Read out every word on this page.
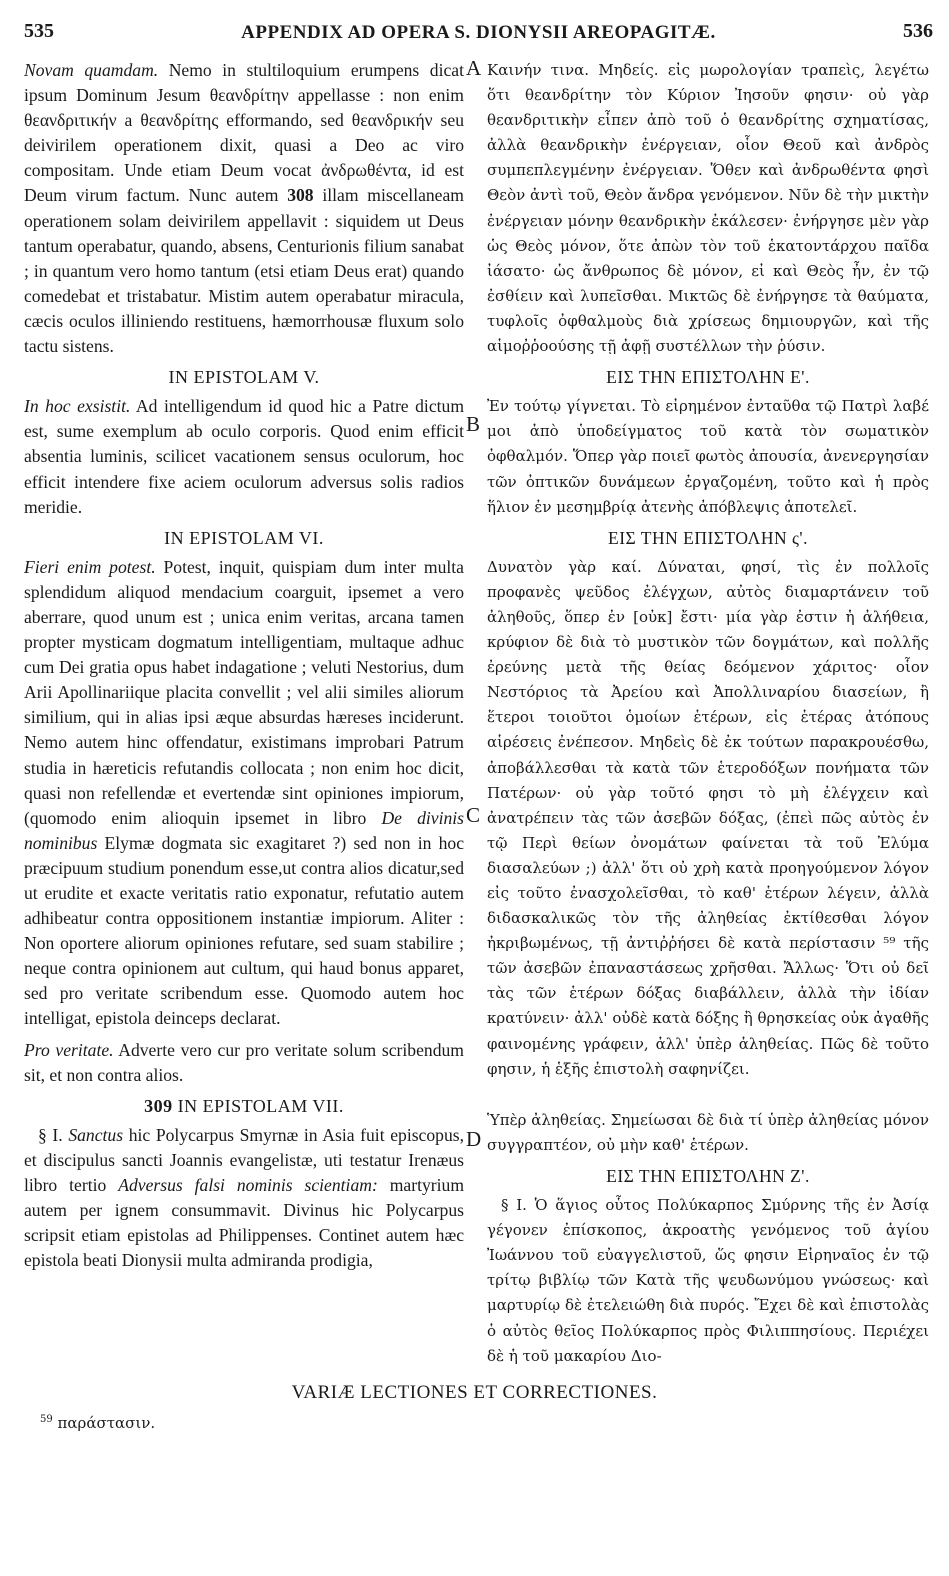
535	APPENDIX AD OPERA S. DIONYSII AREOPAGITÆ.	536
A
B
C
D

Novam quamdam. Nemo in stultiloquium erumpens dicat ipsum Dominum Jesum θεανδρίτην appellasse : non enim θεανδριτικήν a θεανδρίτης efformando, sed θεανδρικήν seu deivirilem operationem dixit, quasi a Deo ac viro compositam. Unde etiam Deum vocat ἀνδρωθέντα, id est Deum virum factum. Nunc autem 308 illam miscellaneam operationem solam deivirilem appellavit : siquidem ut Deus tantum operabatur, quando, absens, Centurionis filium sanabat ; in quantum vero homo tantum (etsi etiam Deus erat) quando comedebat et tristabatur. Mistim autem operabatur miracula, cæcis oculos illiniendo restituens, hæmorrhousæ fluxum solo tactu sistens.

IN EPISTOLAM V.

In hoc exsistit. Ad intelligendum id quod hic a Patre dictum est, sume exemplum ab oculo corporis. Quod enim efficit absentia luminis, scilicet vacationem sensus oculorum, hoc efficit intendere fixe aciem oculorum adversus solis radios meridie.

IN EPISTOLAM VI.

Fieri enim potest. Potest, inquit, quispiam dum inter multa splendidum aliquod mendacium coarguit, ipsemet a vero aberrare, quod unum est ; unica enim veritas, arcana tamen propter mysticam dogmatum intelligentiam, multaque adhuc cum Dei gratia opus habet indagatione ; veluti Nestorius, dum Arii Apollinariique placita convellit ; vel alii similes aliorum similium, qui in alias ipsi æque absurdas hæreses inciderunt. Nemo autem hinc offendatur, existimans improbari Patrum studia in hæreticis refutandis collocata ; non enim hoc dicit, quasi non refellendæ et evertendæ sint opiniones impiorum, (quomodo enim alioquin ipsemet in libro De divinis nominibus Elymæ dogmata sic exagitaret ?) sed non in hoc præcipuum studium ponendum esse,ut contra alios dicatur,sed ut erudite et exacte veritatis ratio exponatur, refutatio autem adhibeatur contra oppositionem instantiæ impiorum. Aliter : Non oportere aliorum opiniones refutare, sed suam stabilire ; neque contra opinionem aut cultum, qui haud bonus apparet, sed pro veritate scribendum esse. Quomodo autem hoc intelligat, epistola deinceps declarat.

Pro veritate. Adverte vero cur pro veritate solum scribendum sit, et non contra alios.

309 IN EPISTOLAM VII.

§ I. Sanctus hic Polycarpus Smyrnæ in Asia fuit episcopus, et discipulus sancti Joannis evangelistæ, uti testatur Irenæus libro tertio Adversus falsi nominis scientiam: martyrium autem per ignem consummavit. Divinus hic Polycarpus scripsit etiam epistolas ad Philippenses. Continet autem hæc epistola beati Dionysii multa admiranda prodigia,

Καινήν τινα. Μηδείς. εἰς μωρολογίαν τραπεὶς, λεγέτω ὅτι θεανδρίτην τὸν Κύριον Ἰησοῦν φησιν· οὐ γὰρ θεανδριτικὴν εἶπεν ἀπὸ τοῦ ὁ θεανδρίτης σχηματίσας, ἀλλὰ θεανδρικὴν ἐνέργειαν, οἷον Θεοῦ καὶ ἀνδρὸς συμπεπλεγμένην ἐνέργειαν. Ὅθεν καὶ ἀνδρωθέντα φησὶ Θεὸν ἀντὶ τοῦ, Θεὸν ἄνδρα γενόμενον. Νῦν δὲ τὴν μικτὴν ἐνέργειαν μόνην θεανδρικὴν ἐκάλεσεν· ἐνήργησε μὲν γὰρ ὡς Θεὸς μόνον, ὅτε ἀπὼν τὸν τοῦ ἑκατοντάρχου παῖδα ἰάσατο· ὡς ἄνθρωπος δὲ μόνον, εἰ καὶ Θεὸς ἦν, ἐν τῷ ἐσθίειν καὶ λυπεῖσθαι. Μικτῶς δὲ ἐνήργησε τὰ θαύματα, τυφλοῖς ὀφθαλμοὺς διὰ χρίσεως δημιουργῶν, καὶ τῆς αἱμοῤῥοούσης τῇ ἀφῇ συστέλλων τὴν ῥύσιν.

ΕΙΣ ΤΗΝ ΕΠΙΣΤΟΛΗΝ Ε'.

Ἐν τούτῳ γίγνεται. Τὸ εἰρημένον ἐνταῦθα τῷ Πατρὶ λαβέ μοι ἀπὸ ὑποδείγματος τοῦ κατὰ τὸν σωματικὸν ὀφθαλμόν. Ὅπερ γὰρ ποιεῖ φωτὸς ἀπουσία, ἀνενεργησίαν τῶν ὀπτικῶν δυνάμεων ἐργαζομένη, τοῦτο καὶ ἡ πρὸς ἥλιον ἐν μεσημβρίᾳ ἀτενὴς ἀπόβλεψις ἀποτελεῖ.

ΕΙΣ ΤΗΝ ΕΠΙΣΤΟΛΗΝ ς'.

Δυνατὸν γὰρ καί. Δύναται, φησί, τὶς ἐν πολλοῖς προφανὲς ψεῦδος ἐλέγχων, αὐτὸς διαμαρτάνειν τοῦ ἀληθοῦς, ὅπερ ἐν [οὐκ] ἔστι· μία γὰρ ἐστιν ἡ ἀλήθεια, κρύφιον δὲ διὰ τὸ μυστικὸν τῶν δογμάτων, καὶ πολλῆς ἐρεύνης μετὰ τῆς θείας δεόμενον χάριτος· οἷον Νεστόριος τὰ Ἀρείου καὶ Ἀπολλιναρίου διασείων, ἢ ἕτεροι τοιοῦτοι ὁμοίων ἑτέρων, εἰς ἑτέρας ἀτόπους αἱρέσεις ἐνέπεσον. Μηδεὶς δὲ ἐκ τούτων παρακρουέσθω, ἀποβάλλεσθαι τὰ κατὰ τῶν ἑτεροδόξων πονήματα τῶν Πατέρων· οὐ γὰρ τοῦτό φησι τὸ μὴ ἐλέγχειν καὶ ἀνατρέπειν τὰς τῶν ἀσεβῶν δόξας, (ἐπεὶ πῶς αὐτὸς ἐν τῷ Περὶ θείων ὀνομάτων φαίνεται τὰ τοῦ Ἐλύμα διασαλεύων ;) ἀλλ' ὅτι οὐ χρὴ κατὰ προηγούμενον λόγον εἰς τοῦτο ἐνασχολεῖσθαι, τὸ καθ' ἑτέρων λέγειν, ἀλλὰ διδασκαλικῶς τὸν τῆς ἀληθείας ἐκτίθεσθαι λόγον ἠκριβωμένως, τῇ ἀντιῤῥήσει δὲ κατὰ περίστασιν ⁵⁹ τῆς τῶν ἀσεβῶν ἐπαναστάσεως χρῆσθαι. Ἄλλως· Ὅτι οὐ δεῖ τὰς τῶν ἑτέρων δόξας διαβάλλειν, ἀλλὰ τὴν ἰδίαν κρατύνειν· ἀλλ' οὐδὲ κατὰ δόξης ἢ θρησκείας οὐκ ἀγαθῆς φαινομένης γράφειν, ἀλλ' ὑπὲρ ἀληθείας. Πῶς δὲ τοῦτο φησιν, ἡ ἑξῆς ἐπιστολὴ σαφηνίζει.

Ὑπὲρ ἀληθείας. Σημείωσαι δὲ διὰ τί ὑπὲρ ἀληθείας μόνον συγγραπτέον, οὐ μὴν καθ' ἑτέρων.

ΕΙΣ ΤΗΝ ΕΠΙΣΤΟΛΗΝ Ζ'.

§ I. Ὁ ἅγιος οὗτος Πολύκαρπος Σμύρνης τῆς ἐν Ἀσίᾳ γέγονεν ἐπίσκοπος, ἀκροατὴς γενόμενος τοῦ ἁγίου Ἰωάννου τοῦ εὐαγγελιστοῦ, ὥς φησιν Εἰρηναῖος ἐν τῷ τρίτῳ βιβλίῳ τῶν Κατὰ τῆς ψευδωνύμου γνώσεως· καὶ μαρτυρίῳ δὲ ἐτελειώθη διὰ πυρός. Ἔχει δὲ καὶ ἐπιστολὰς ὁ αὐτὸς θεῖος Πολύκαρπος πρὸς Φιλιππησίους. Περιέχει δὲ ἡ τοῦ μακαρίου Διο-

VARIÆ LECTIONES ET CORRECTIONES.
$^{59}$ παράστασιν.
